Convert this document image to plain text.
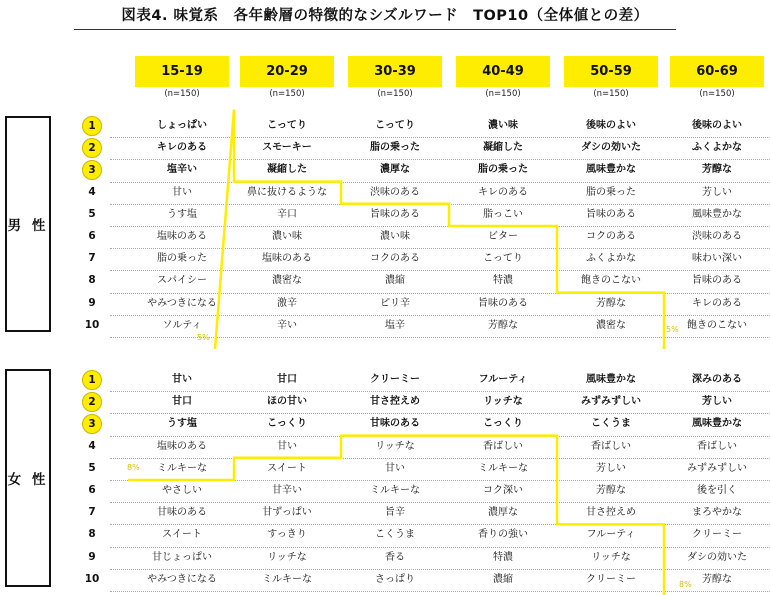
図表4. 味覚系　各年齢層の特徴的なシズルワード　TOP10（全体値との差）
15-19
(n=150)
20-29
(n=150)
30-39
(n=150)
40-49
(n=150)
50-59
(n=150)
60-69
(n=150)
男 性
1
2
3
4
5
6
7
8
9
10
しょっぱい
キレのある
塩辛い
甘い
うす塩
塩味のある
脂の乗った
スパイシー
やみつきになる
ソルティ
こってり
スモーキー
凝縮した
鼻に抜けるような
辛口
濃い味
塩味のある
濃密な
激辛
辛い
こってり
脂の乗った
濃厚な
渋味のある
旨味のある
濃い味
コクのある
濃縮
ピリ辛
塩辛
濃い味
凝縮した
脂の乗った
キレのある
脂っこい
ビター
こってり
特濃
旨味のある
芳醇な
後味のよい
ダシの効いた
風味豊かな
脂の乗った
旨味のある
コクのある
ふくよかな
飽きのこない
芳醇な
濃密な
後味のよい
ふくよかな
芳醇な
芳しい
風味豊かな
渋味のある
味わい深い
旨味のある
キレのある
飽きのこない
5%
5%
女 性
1
2
3
4
5
6
7
8
9
10
甘い
甘口
うす塩
塩味のある
ミルキーな
やさしい
甘味のある
スイート
甘じょっぱい
やみつきになる
甘口
ほの甘い
こっくり
甘い
スイート
甘辛い
甘ずっぱい
すっきり
リッチな
ミルキーな
クリーミー
甘さ控えめ
甘味のある
リッチな
甘い
ミルキーな
旨辛
こくうま
香る
さっぱり
フルーティ
リッチな
こっくり
香ばしい
ミルキーな
コク深い
濃厚な
香りの強い
特濃
濃縮
風味豊かな
みずみずしい
こくうま
香ばしい
芳しい
芳醇な
甘さ控えめ
フルーティ
リッチな
クリーミー
深みのある
芳しい
風味豊かな
香ばしい
みずみずしい
後を引く
まろやかな
クリーミー
ダシの効いた
芳醇な
8%
8%
